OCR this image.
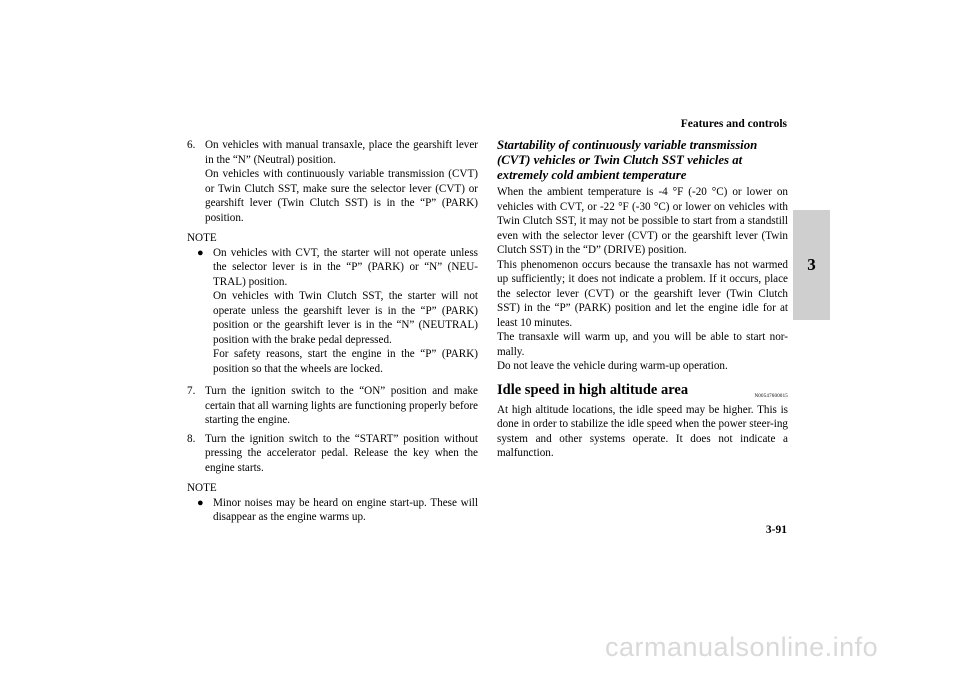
Features and controls
3
6. On vehicles with manual transaxle, place the gearshift lever in the “N” (Neutral) position.

On vehicles with continuously variable transmission (CVT) or Twin Clutch SST, make sure the selector lever (CVT) or gearshift lever (Twin Clutch SST) is in the “P” (PARK) position.

NOTE
● On vehicles with CVT, the starter will not operate unless the selector lever is in the “P” (PARK) or “N” (NEU-TRAL) position.

On vehicles with Twin Clutch SST, the starter will not operate unless the gearshift lever is in the “P” (PARK) position or the gearshift lever is in the “N” (NEUTRAL) position with the brake pedal depressed.

For safety reasons, start the engine in the “P” (PARK) position so that the wheels are locked.

7. Turn the ignition switch to the “ON” position and make certain that all warning lights are functioning properly before starting the engine.

8. Turn the ignition switch to the “START” position without pressing the accelerator pedal. Release the key when the engine starts.

NOTE
● Minor noises may be heard on engine start-up. These will disappear as the engine warms up.

Startability of continuously variable transmission (CVT) vehicles or Twin Clutch SST vehicles at extremely cold ambient temperature

When the ambient temperature is -4 °F (-20 °C) or lower on vehicles with CVT, or -22 °F (-30 °C) or lower on vehicles with Twin Clutch SST, it may not be possible to start from a standstill even with the selector lever (CVT) or the gearshift lever (Twin Clutch SST) in the “D” (DRIVE) position.

This phenomenon occurs because the transaxle has not warmed up sufficiently; it does not indicate a problem. If it occurs, place the selector lever (CVT) or the gearshift lever (Twin Clutch SST) in the “P” (PARK) position and let the engine idle for at least 10 minutes.

The transaxle will warm up, and you will be able to start nor-mally.

Do not leave the vehicle during warm-up operation.

Idle speed in high altitude area	N00547600015

At high altitude locations, the idle speed may be higher. This is done in order to stabilize the idle speed when the power steer-ing system and other systems operate. It does not indicate a malfunction.

3-91
carmanualsonline.info
